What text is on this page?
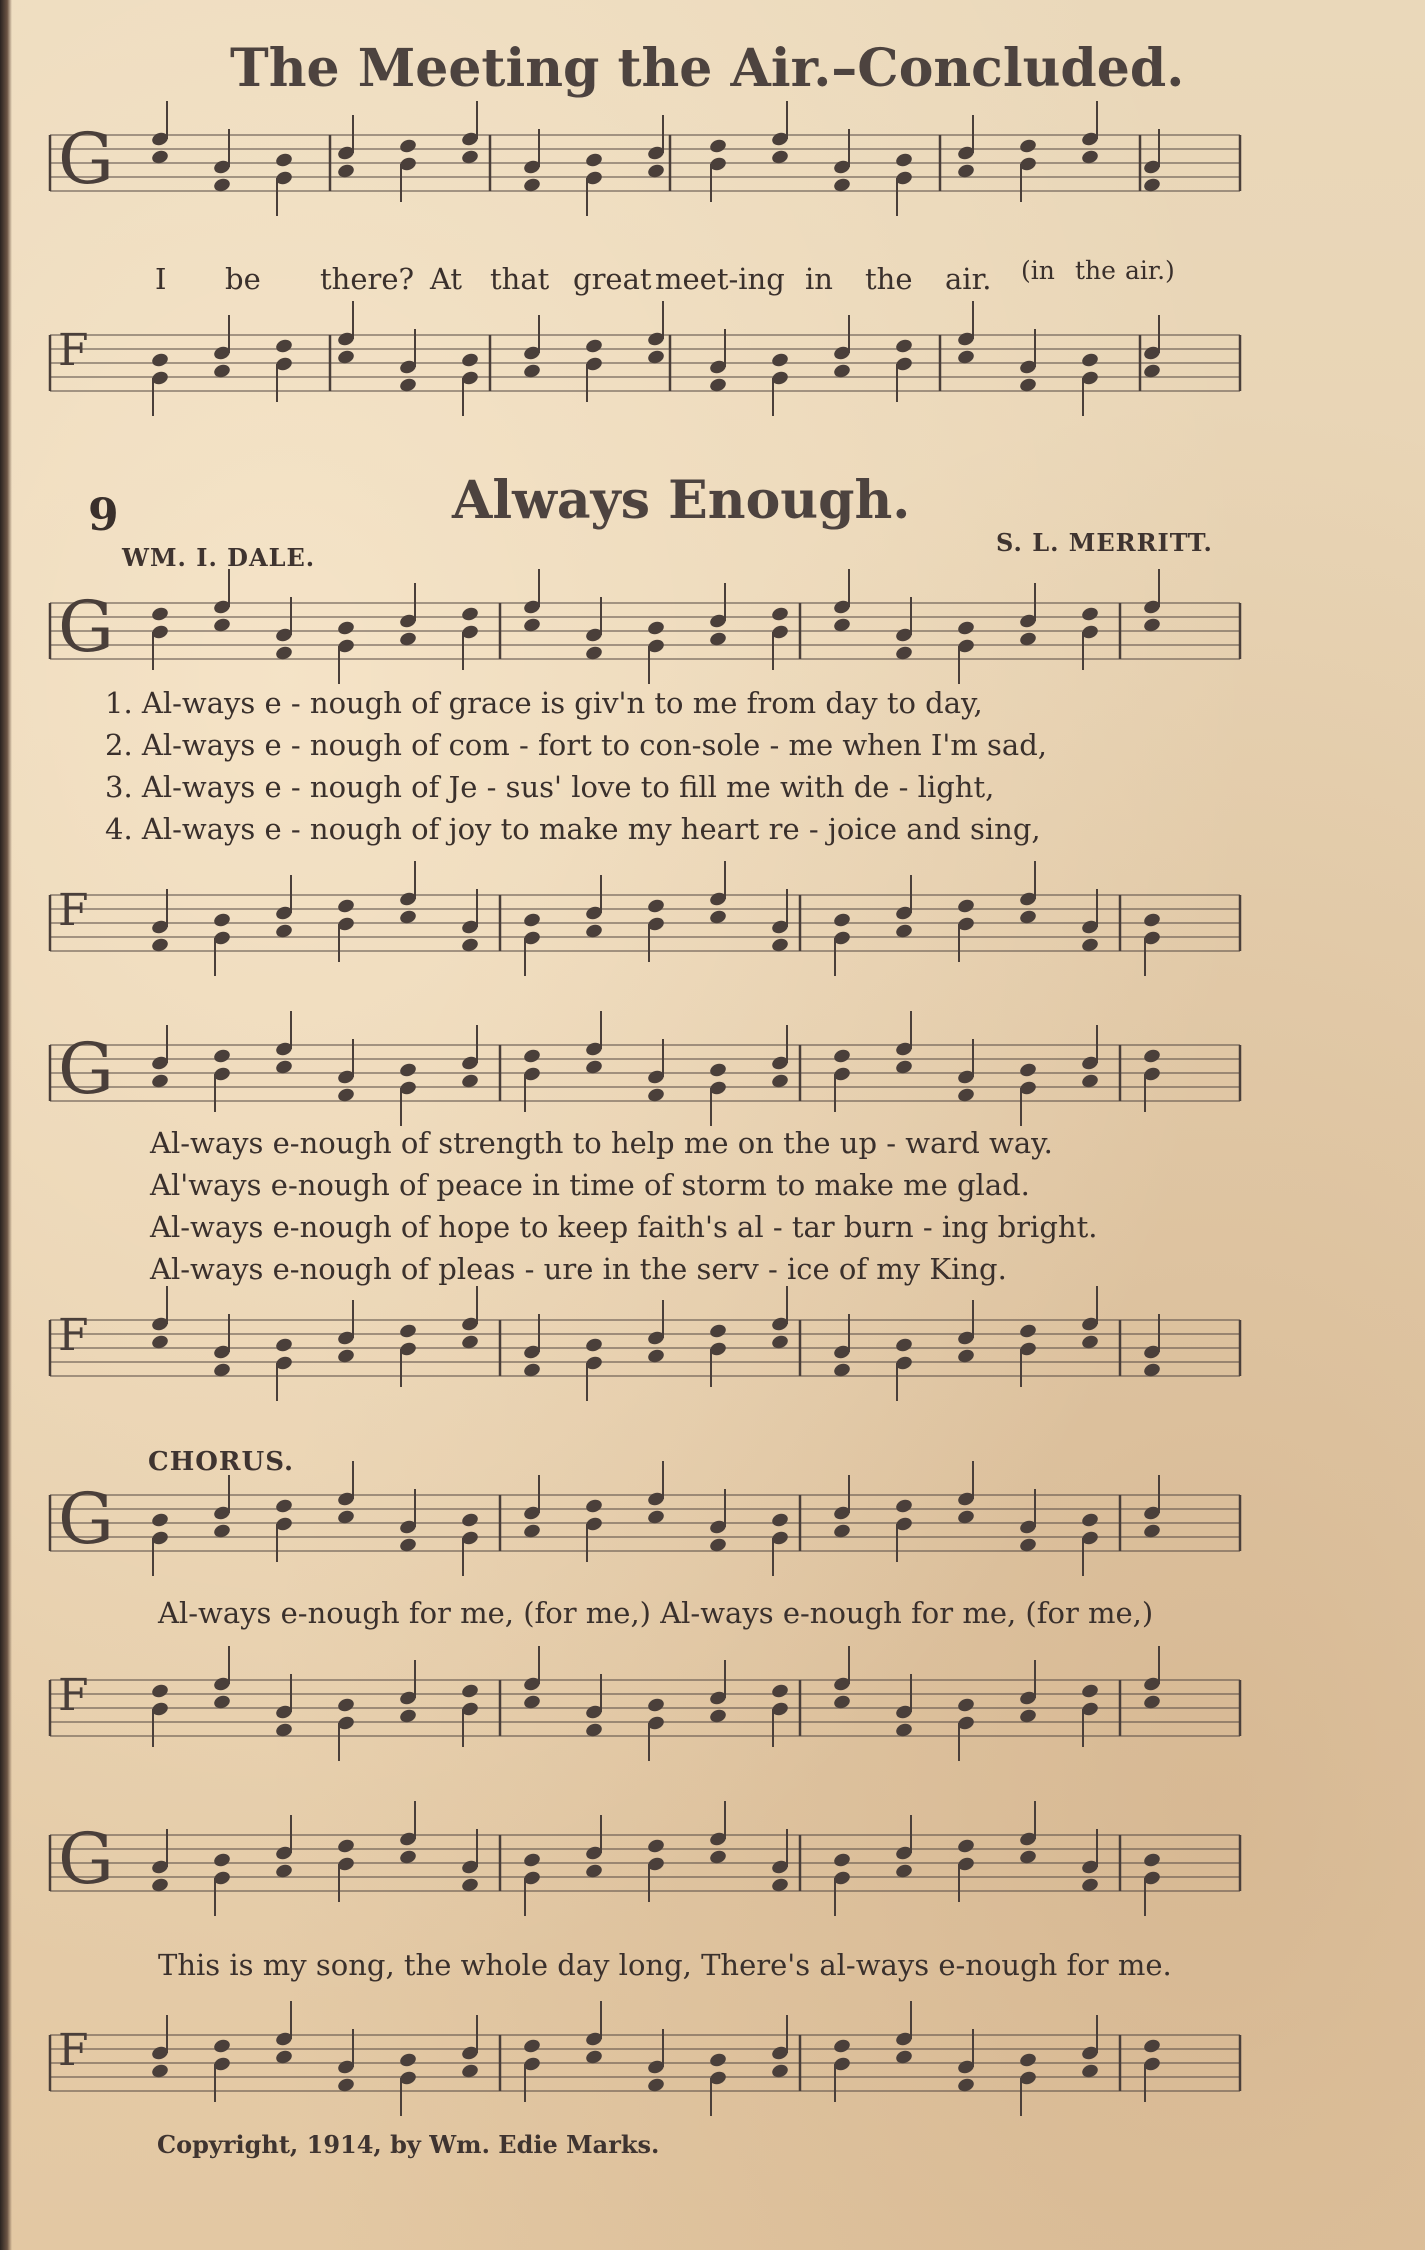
The Meeting the Air.–Concluded.
G
I be there? At that great meet-ing in the air. (in the air.)
F
9	Always Enough.
WM. I. DALE.
S. L. MERRITT.
G
1. Al-ways e - nough of grace is giv'n to me from day to day,
2. Al-ways e - nough of com - fort to con-sole - me when I'm sad,
3. Al-ways e - nough of Je - sus' love to fill me with de - light,
4. Al-ways e - nough of joy to make my heart re - joice and sing,
F
G
Al-ways e-nough of strength to help me on the up - ward way.
Al'ways e-nough of peace in time of storm to make me glad.
Al-ways e-nough of hope to keep faith's al - tar burn - ing bright.
Al-ways e-nough of pleas - ure in the serv - ice of my King.
F
CHORUS.
G
Al-ways e-nough for me, (for me,) Al-ways e-nough for me, (for me,)
F
G
This is my song, the whole day long, There's al-ways e-nough for me.
F
Copyright, 1914, by Wm. Edie Marks.
